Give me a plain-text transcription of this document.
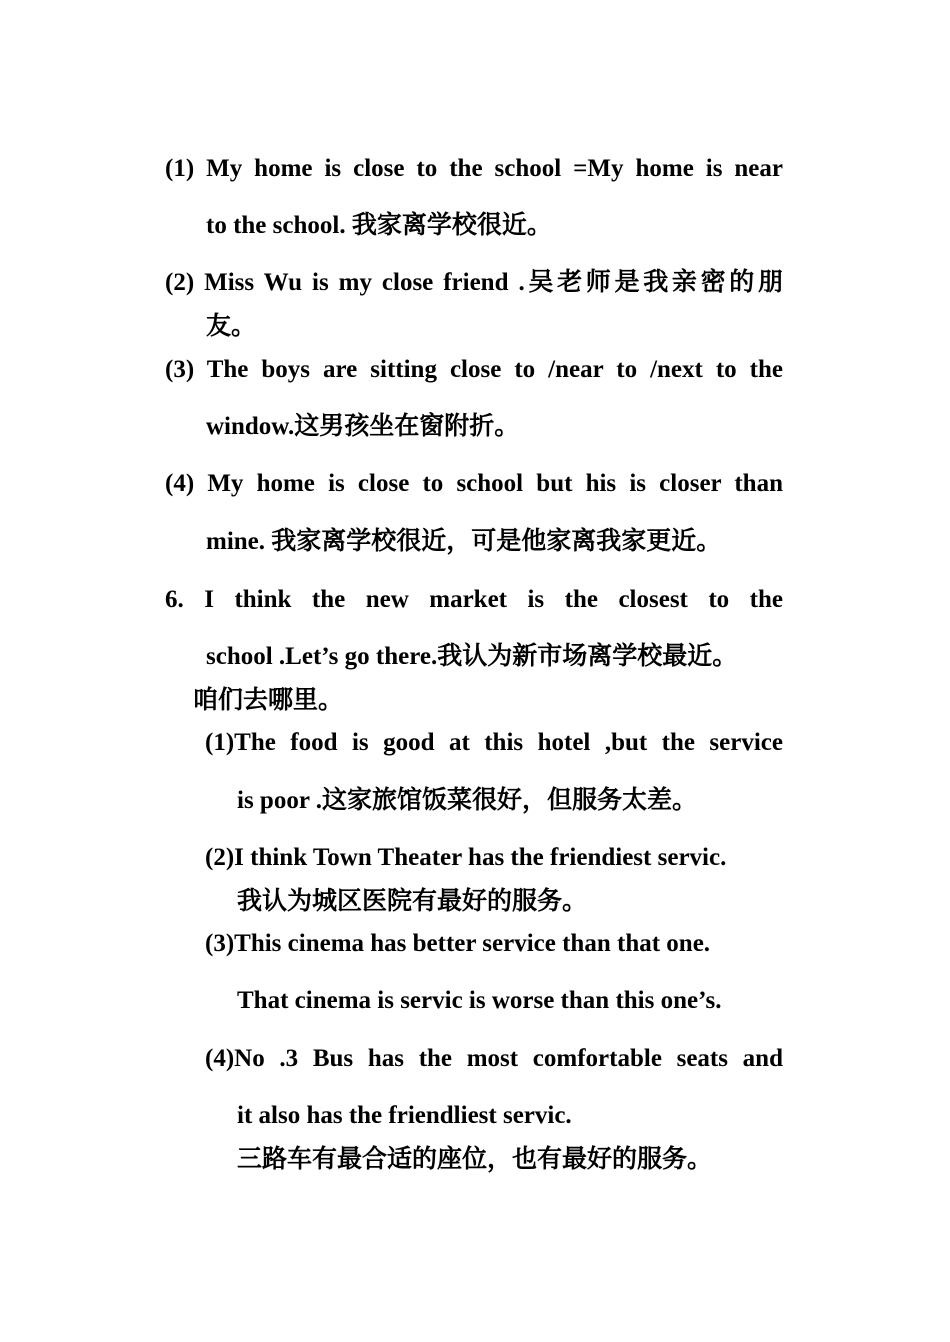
(1) My home is close to the school =My home is near
to the school. 我家离学校很近。
(2) Miss Wu is my close friend .吴老师是我亲密的朋
友。
(3) The boys are sitting close to /near to /next to the
window.这男孩坐在窗附折。
(4) My home is close to school but his is closer than
mine. 我家离学校很近，可是他家离我家更近。
6. I think the new market is the closest to the
school .Let’s go there.我认为新市场离学校最近。
咱们去哪里。
(1)The food is good at this hotel ,but the service
is poor .这家旅馆饭菜很好，但服务太差。
(2)I think Town Theater has the friendiest servic.
我认为城区医院有最好的服务。
(3)This cinema has better service than that one.
That cinema is servic is worse than this one’s.
(4)No .3 Bus has the most comfortable seats and
it also has the friendliest servic.
三路车有最合适的座位，也有最好的服务。
